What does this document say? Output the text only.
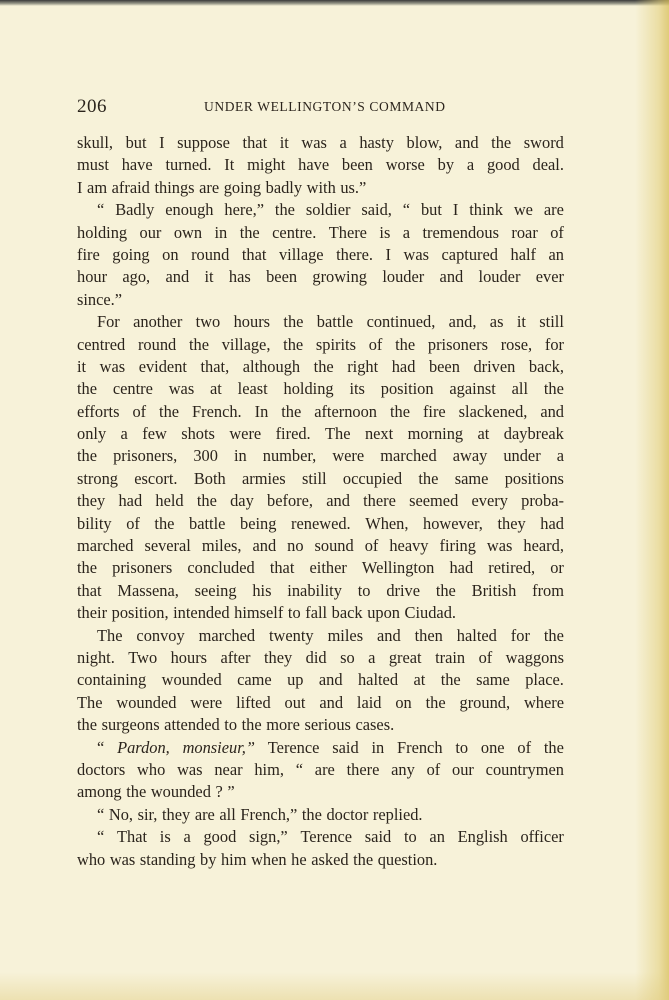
206	UNDER WELLINGTON’S COMMAND
skull, but I suppose that it was a hasty blow, and the sword
must have turned. It might have been worse by a good deal.
I am afraid things are going badly with us.”
“ Badly enough here,” the soldier said, “ but I think we are
holding our own in the centre. There is a tremendous roar of
fire going on round that village there. I was captured half an
hour ago, and it has been growing louder and louder ever
since.”
For another two hours the battle continued, and, as it still
centred round the village, the spirits of the prisoners rose, for
it was evident that, although the right had been driven back,
the centre was at least holding its position against all the
efforts of the French. In the afternoon the fire slackened, and
only a few shots were fired. The next morning at daybreak
the prisoners, 300 in number, were marched away under a
strong escort. Both armies still occupied the same positions
they had held the day before, and there seemed every proba-
bility of the battle being renewed. When, however, they had
marched several miles, and no sound of heavy firing was heard,
the prisoners concluded that either Wellington had retired, or
that Massena, seeing his inability to drive the British from
their position, intended himself to fall back upon Ciudad.
The convoy marched twenty miles and then halted for the
night. Two hours after they did so a great train of waggons
containing wounded came up and halted at the same place.
The wounded were lifted out and laid on the ground, where
the surgeons attended to the more serious cases.
“ Pardon, monsieur,” Terence said in French to one of the
doctors who was near him, “ are there any of our countrymen
among the wounded ? ”
“ No, sir, they are all French,” the doctor replied.
“ That is a good sign,” Terence said to an English officer
who was standing by him when he asked the question.
